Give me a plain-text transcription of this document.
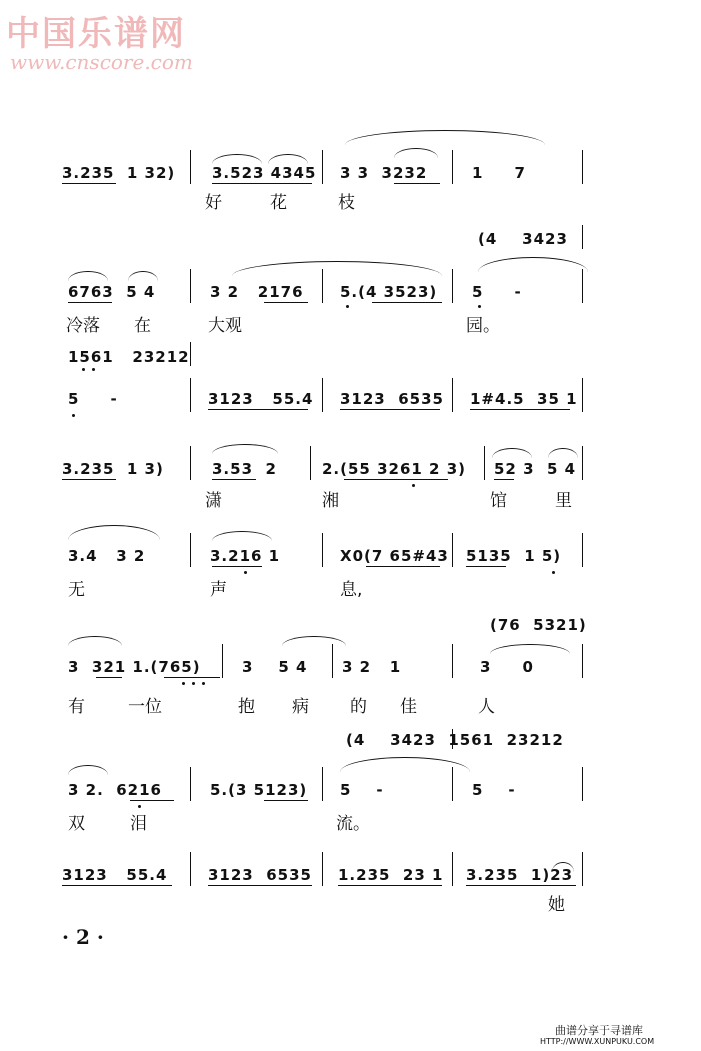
中国乐谱网
www.cnscore.com
3.235  1 32) 3.523 4345 3 3  3232	1     7
好	花	枝
(4    3423
6763  5 4	3 2   2176 5.(4 3523) 5     -
冷落 在	大观	园。
1561   23212
5     -	3123   55.4 3123  6535 1#4.5  35 1
3.235  1 3)	3.53  2	2.(55 3261 2 3) 52 3  5 4
潇	湘	馆	里
3.4   3 2	3.216 1	X0(7 65#43 5135  1 5)
无	声	息,
(76  5321)
3  321 1.(765)	3    5 4 3 2   1	3     0
有	一位	抱 病 的 佳	人
(4    3423  1561  23212
3 2.  6216	5.(3 5123) 5    -	5    -
双	泪	流。
3123   55.4	3123  6535 1.235  23 1 3.235  1)23
她
· 2 ·
曲谱分享于寻谱库
HTTP://WWW.XUNPUKU.COM
